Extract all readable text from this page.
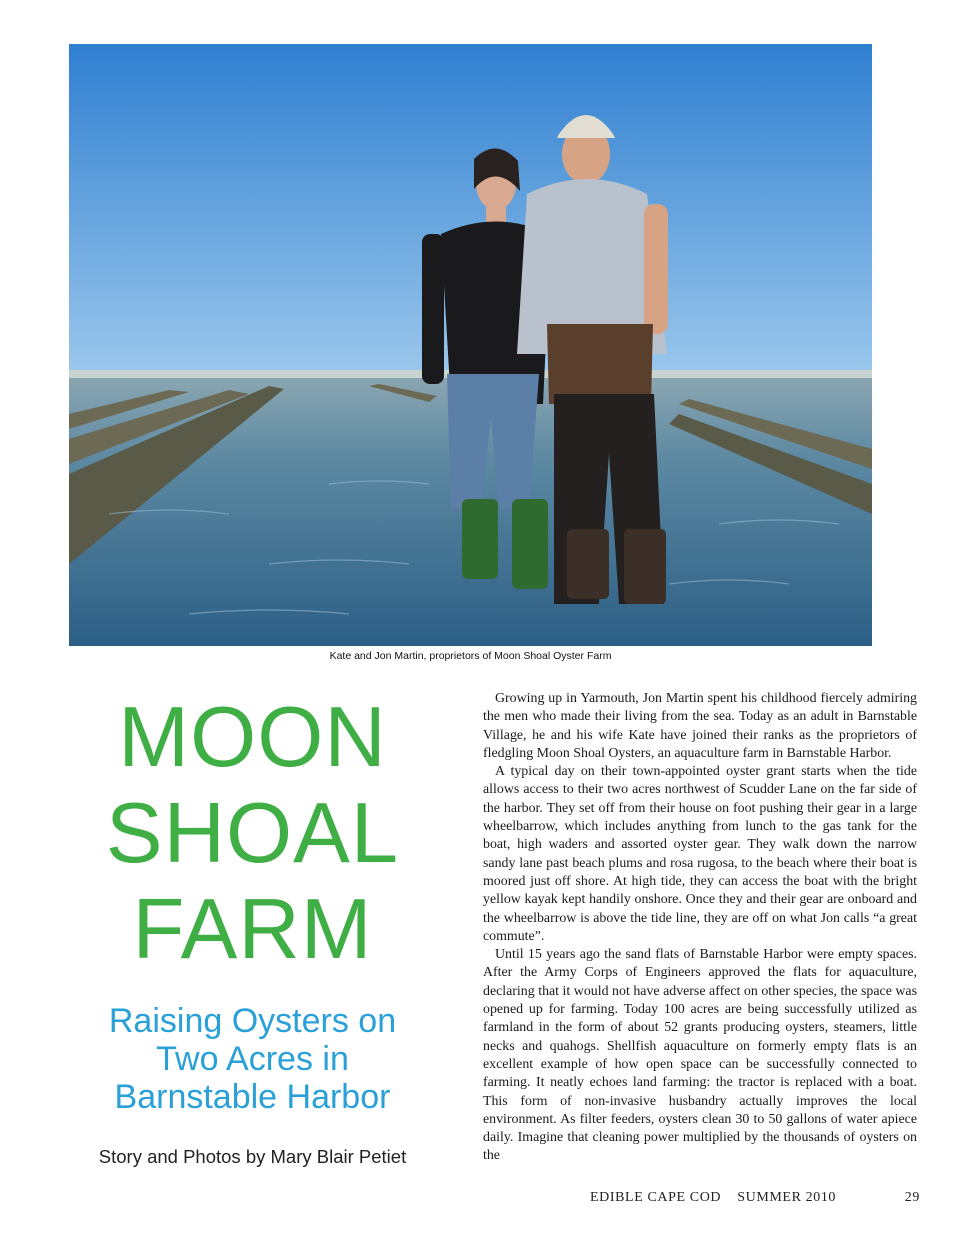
Kate and Jon Martin, proprietors of Moon Shoal Oyster Farm
MOON
SHOAL
FARM
Raising Oysters on
Two Acres in
Barnstable Harbor
Story and Photos by Mary Blair Petiet

Growing up in Yarmouth, Jon Martin spent his childhood fiercely admiring the men who made their living from the sea. Today as an adult in Barnstable Village, he and his wife Kate have joined their ranks as the proprietors of fledgling Moon Shoal Oysters, an aquaculture farm in Barnstable Harbor.

A typical day on their town-appointed oyster grant starts when the tide allows access to their two acres northwest of Scudder Lane on the far side of the harbor. They set off from their house on foot pushing their gear in a large wheelbarrow, which includes anything from lunch to the gas tank for the boat, high waders and assorted oyster gear. They walk down the narrow sandy lane past beach plums and rosa rugosa, to the beach where their boat is moored just off shore. At high tide, they can access the boat with the bright yellow kayak kept handily onshore. Once they and their gear are onboard and the wheelbarrow is above the tide line, they are off on what Jon calls “a great commute”.

Until 15 years ago the sand flats of Barnstable Harbor were empty spaces. After the Army Corps of Engineers approved the flats for aquaculture, declaring that it would not have adverse affect on other species, the space was opened up for farming. Today 100 acres are being successfully utilized as farmland in the form of about 52 grants producing oysters, steamers, little necks and quahogs. Shellfish aquaculture on formerly empty flats is an excellent example of how open space can be successfully connected to farming. It neatly echoes land farming: the tractor is replaced with a boat. This form of non-invasive husbandry actually improves the local environment. As filter feeders, oysters clean 30 to 50 gallons of water apiece daily. Imagine that cleaning power multiplied by the thousands of oysters on the

EDIBLE CAPE COD SUMMER 2010	29
